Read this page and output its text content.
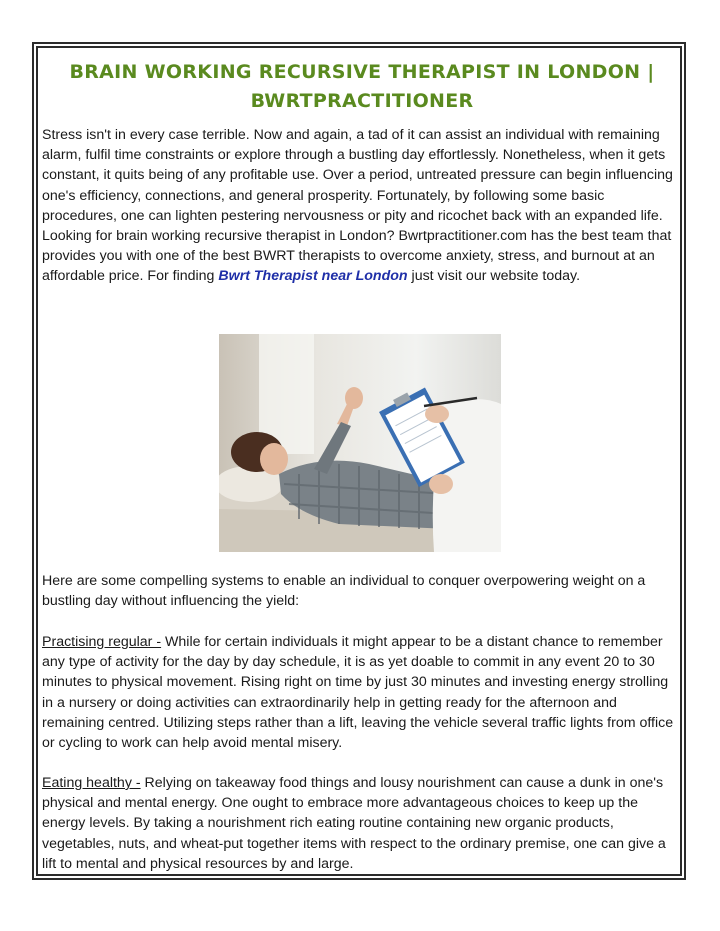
BRAIN WORKING RECURSIVE THERAPIST IN LONDON | BWRTPRACTITIONER

Stress isn't in every case terrible. Now and again, a tad of it can assist an individual with remaining alarm, fulfil time constraints or explore through a bustling day effortlessly. Nonetheless, when it gets constant, it quits being of any profitable use. Over a period, untreated pressure can begin influencing one's efficiency, connections, and general prosperity. Fortunately, by following some basic procedures, one can lighten pestering nervousness or pity and ricochet back with an expanded life. Looking for brain working recursive therapist in London? Bwrtpractitioner.com has the best team that provides you with one of the best BWRT therapists to overcome anxiety, stress, and burnout at an affordable price. For finding Bwrt Therapist near London just visit our website today.

Here are some compelling systems to enable an individual to conquer overpowering weight on a bustling day without influencing the yield:

Practising regular - While for certain individuals it might appear to be a distant chance to remember any type of activity for the day by day schedule, it is as yet doable to commit in any event 20 to 30 minutes to physical movement. Rising right on time by just 30 minutes and investing energy strolling in a nursery or doing activities can extraordinarily help in getting ready for the afternoon and remaining centred. Utilizing steps rather than a lift, leaving the vehicle several traffic lights from office or cycling to work can help avoid mental misery.

Eating healthy - Relying on takeaway food things and lousy nourishment can cause a dunk in one's physical and mental energy. One ought to embrace more advantageous choices to keep up the energy levels. By taking a nourishment rich eating routine containing new organic products, vegetables, nuts, and wheat-put together items with respect to the ordinary premise, one can give a lift to mental and physical resources by and large.
